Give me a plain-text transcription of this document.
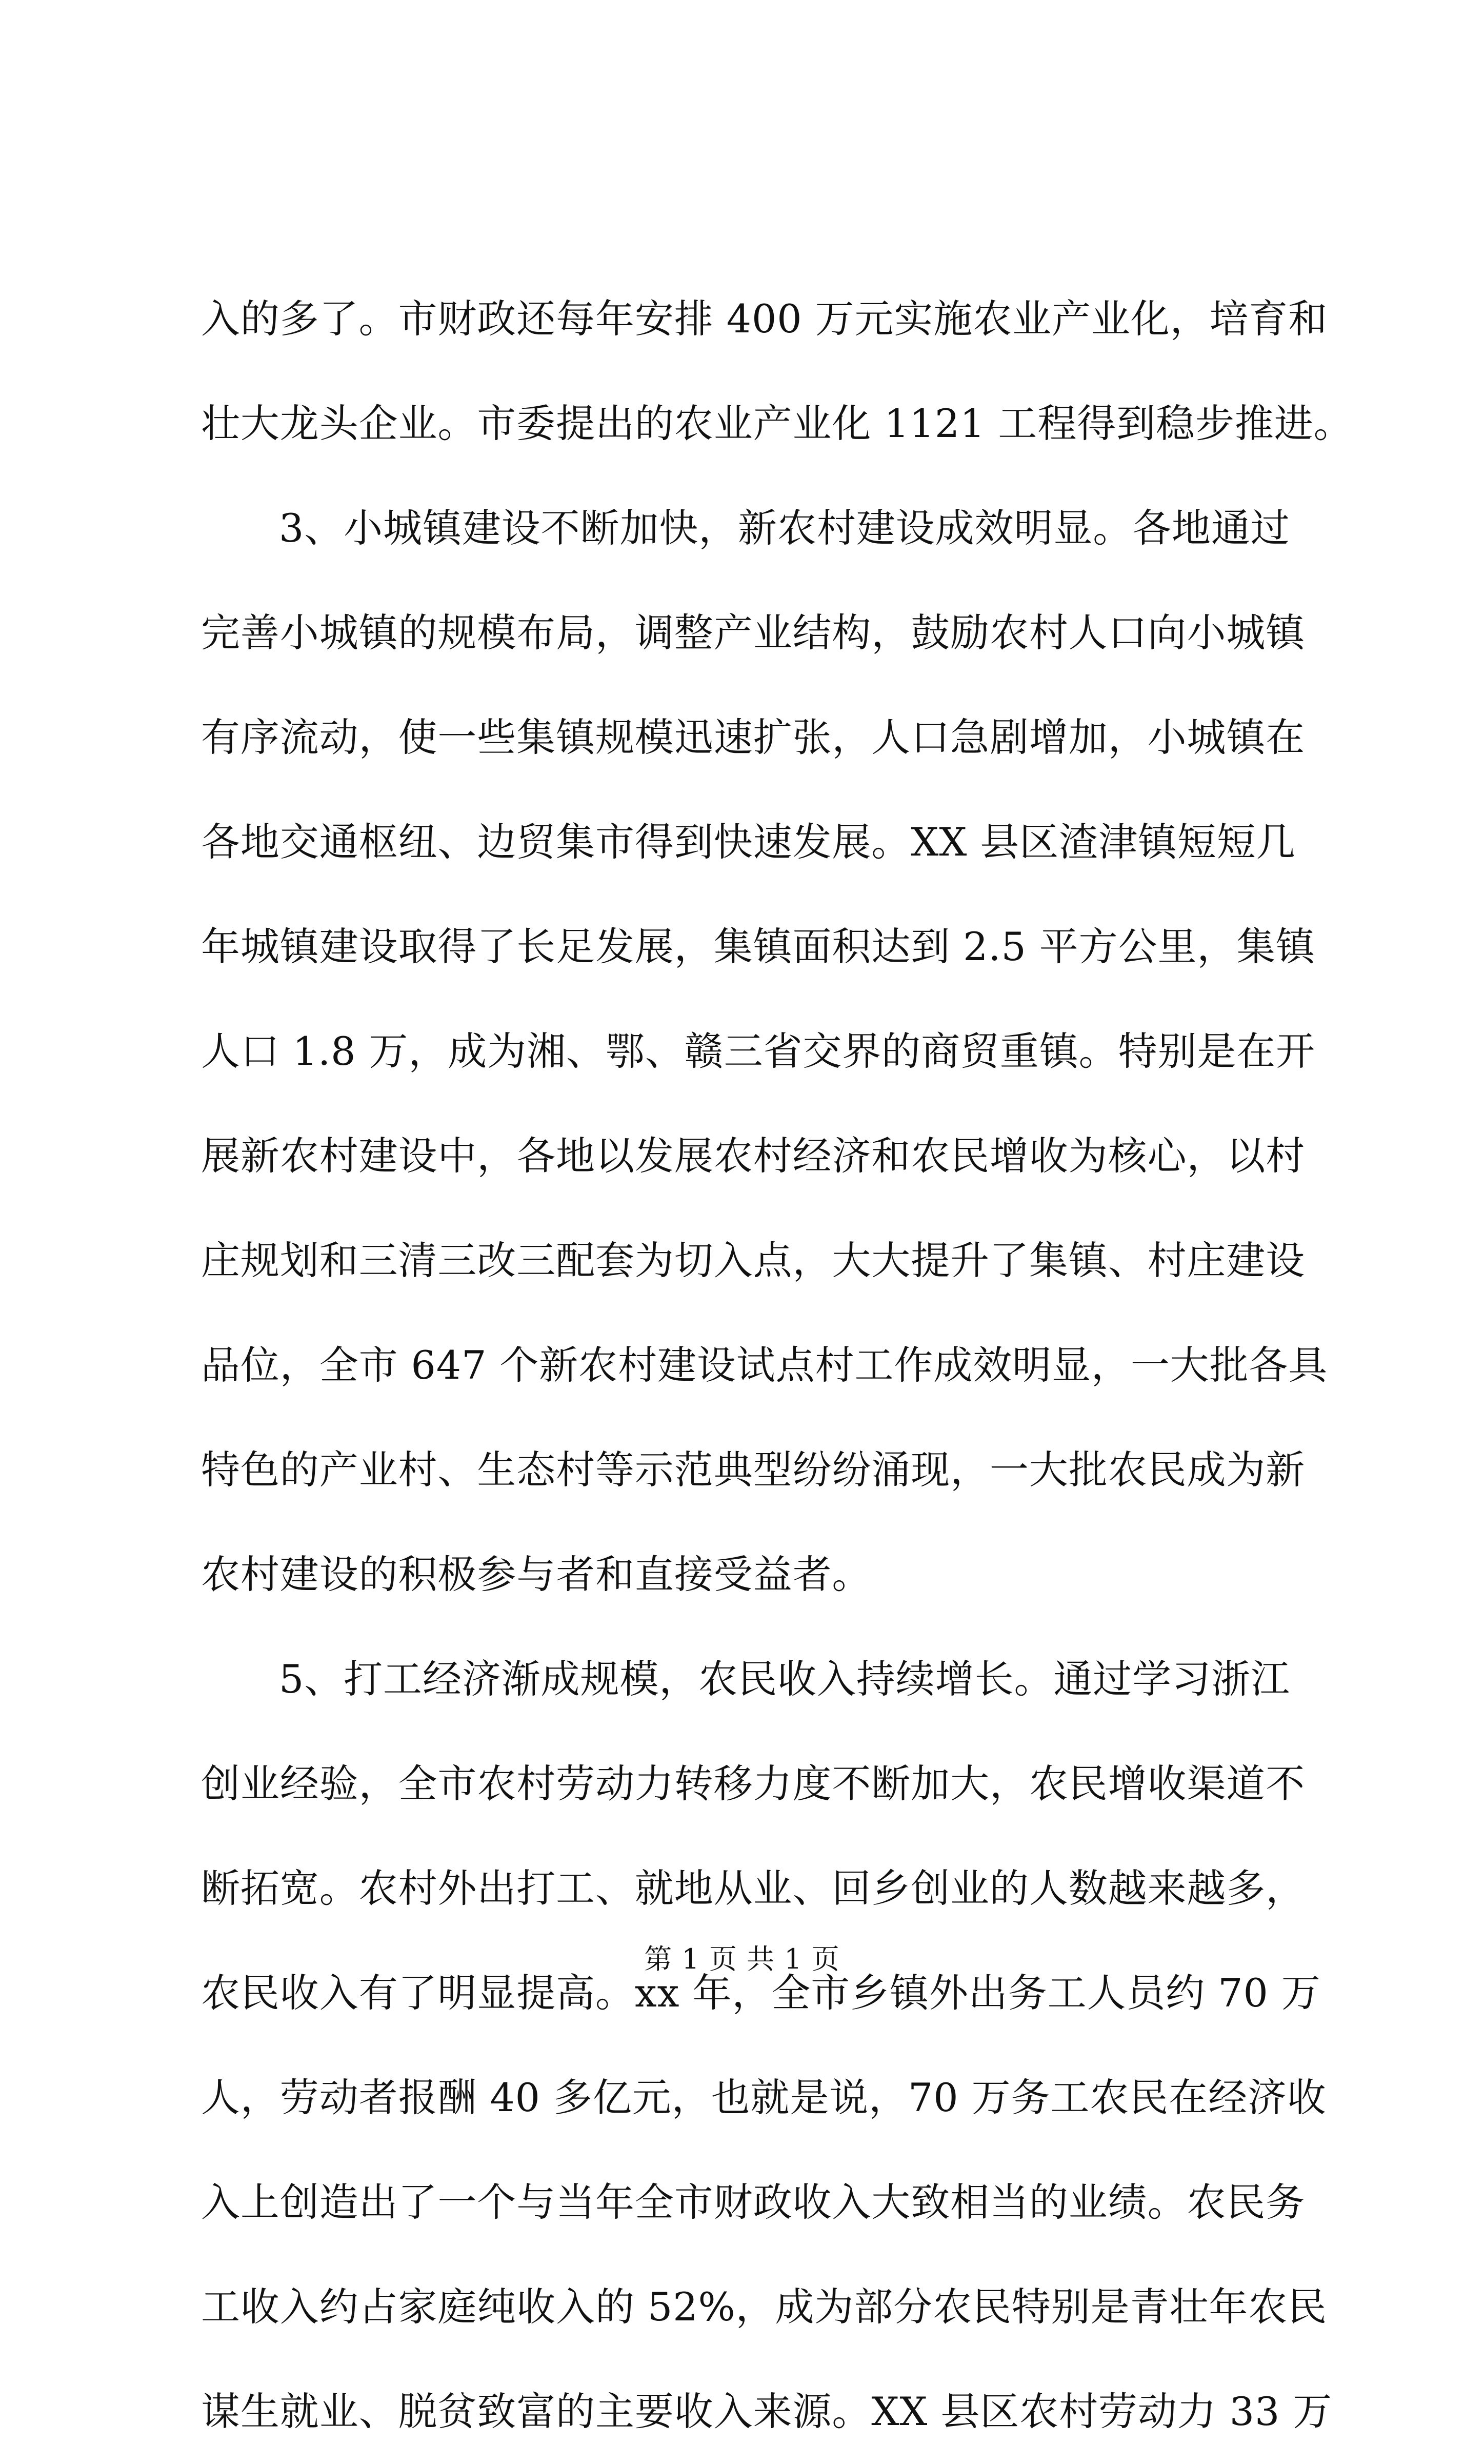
入的多了。市财政还每年安排 400 万元实施农业产业化，培育和
壮大龙头企业。市委提出的农业产业化 1121 工程得到稳步推进。
3、小城镇建设不断加快，新农村建设成效明显。各地通过
完善小城镇的规模布局，调整产业结构，鼓励农村人口向小城镇
有序流动，使一些集镇规模迅速扩张，人口急剧增加，小城镇在
各地交通枢纽、边贸集市得到快速发展。XX 县区渣津镇短短几
年城镇建设取得了长足发展，集镇面积达到 2.5 平方公里，集镇
人口 1.8 万，成为湘、鄂、赣三省交界的商贸重镇。特别是在开
展新农村建设中，各地以发展农村经济和农民增收为核心，以村
庄规划和三清三改三配套为切入点，大大提升了集镇、村庄建设
品位，全市 647 个新农村建设试点村工作成效明显，一大批各具
特色的产业村、生态村等示范典型纷纷涌现，一大批农民成为新
农村建设的积极参与者和直接受益者。
5、打工经济渐成规模，农民收入持续增长。通过学习浙江
创业经验，全市农村劳动力转移力度不断加大，农民增收渠道不
断拓宽。农村外出打工、就地从业、回乡创业的人数越来越多，
农民收入有了明显提高。xx 年，全市乡镇外出务工人员约 70 万
人，劳动者报酬 40 多亿元，也就是说，70 万务工农民在经济收
入上创造出了一个与当年全市财政收入大致相当的业绩。农民务
工收入约占家庭纯收入的 52%，成为部分农民特别是青壮年农民
谋生就业、脱贫致富的主要收入来源。XX 县区农村劳动力 33 万
第 1 页 共 1 页
